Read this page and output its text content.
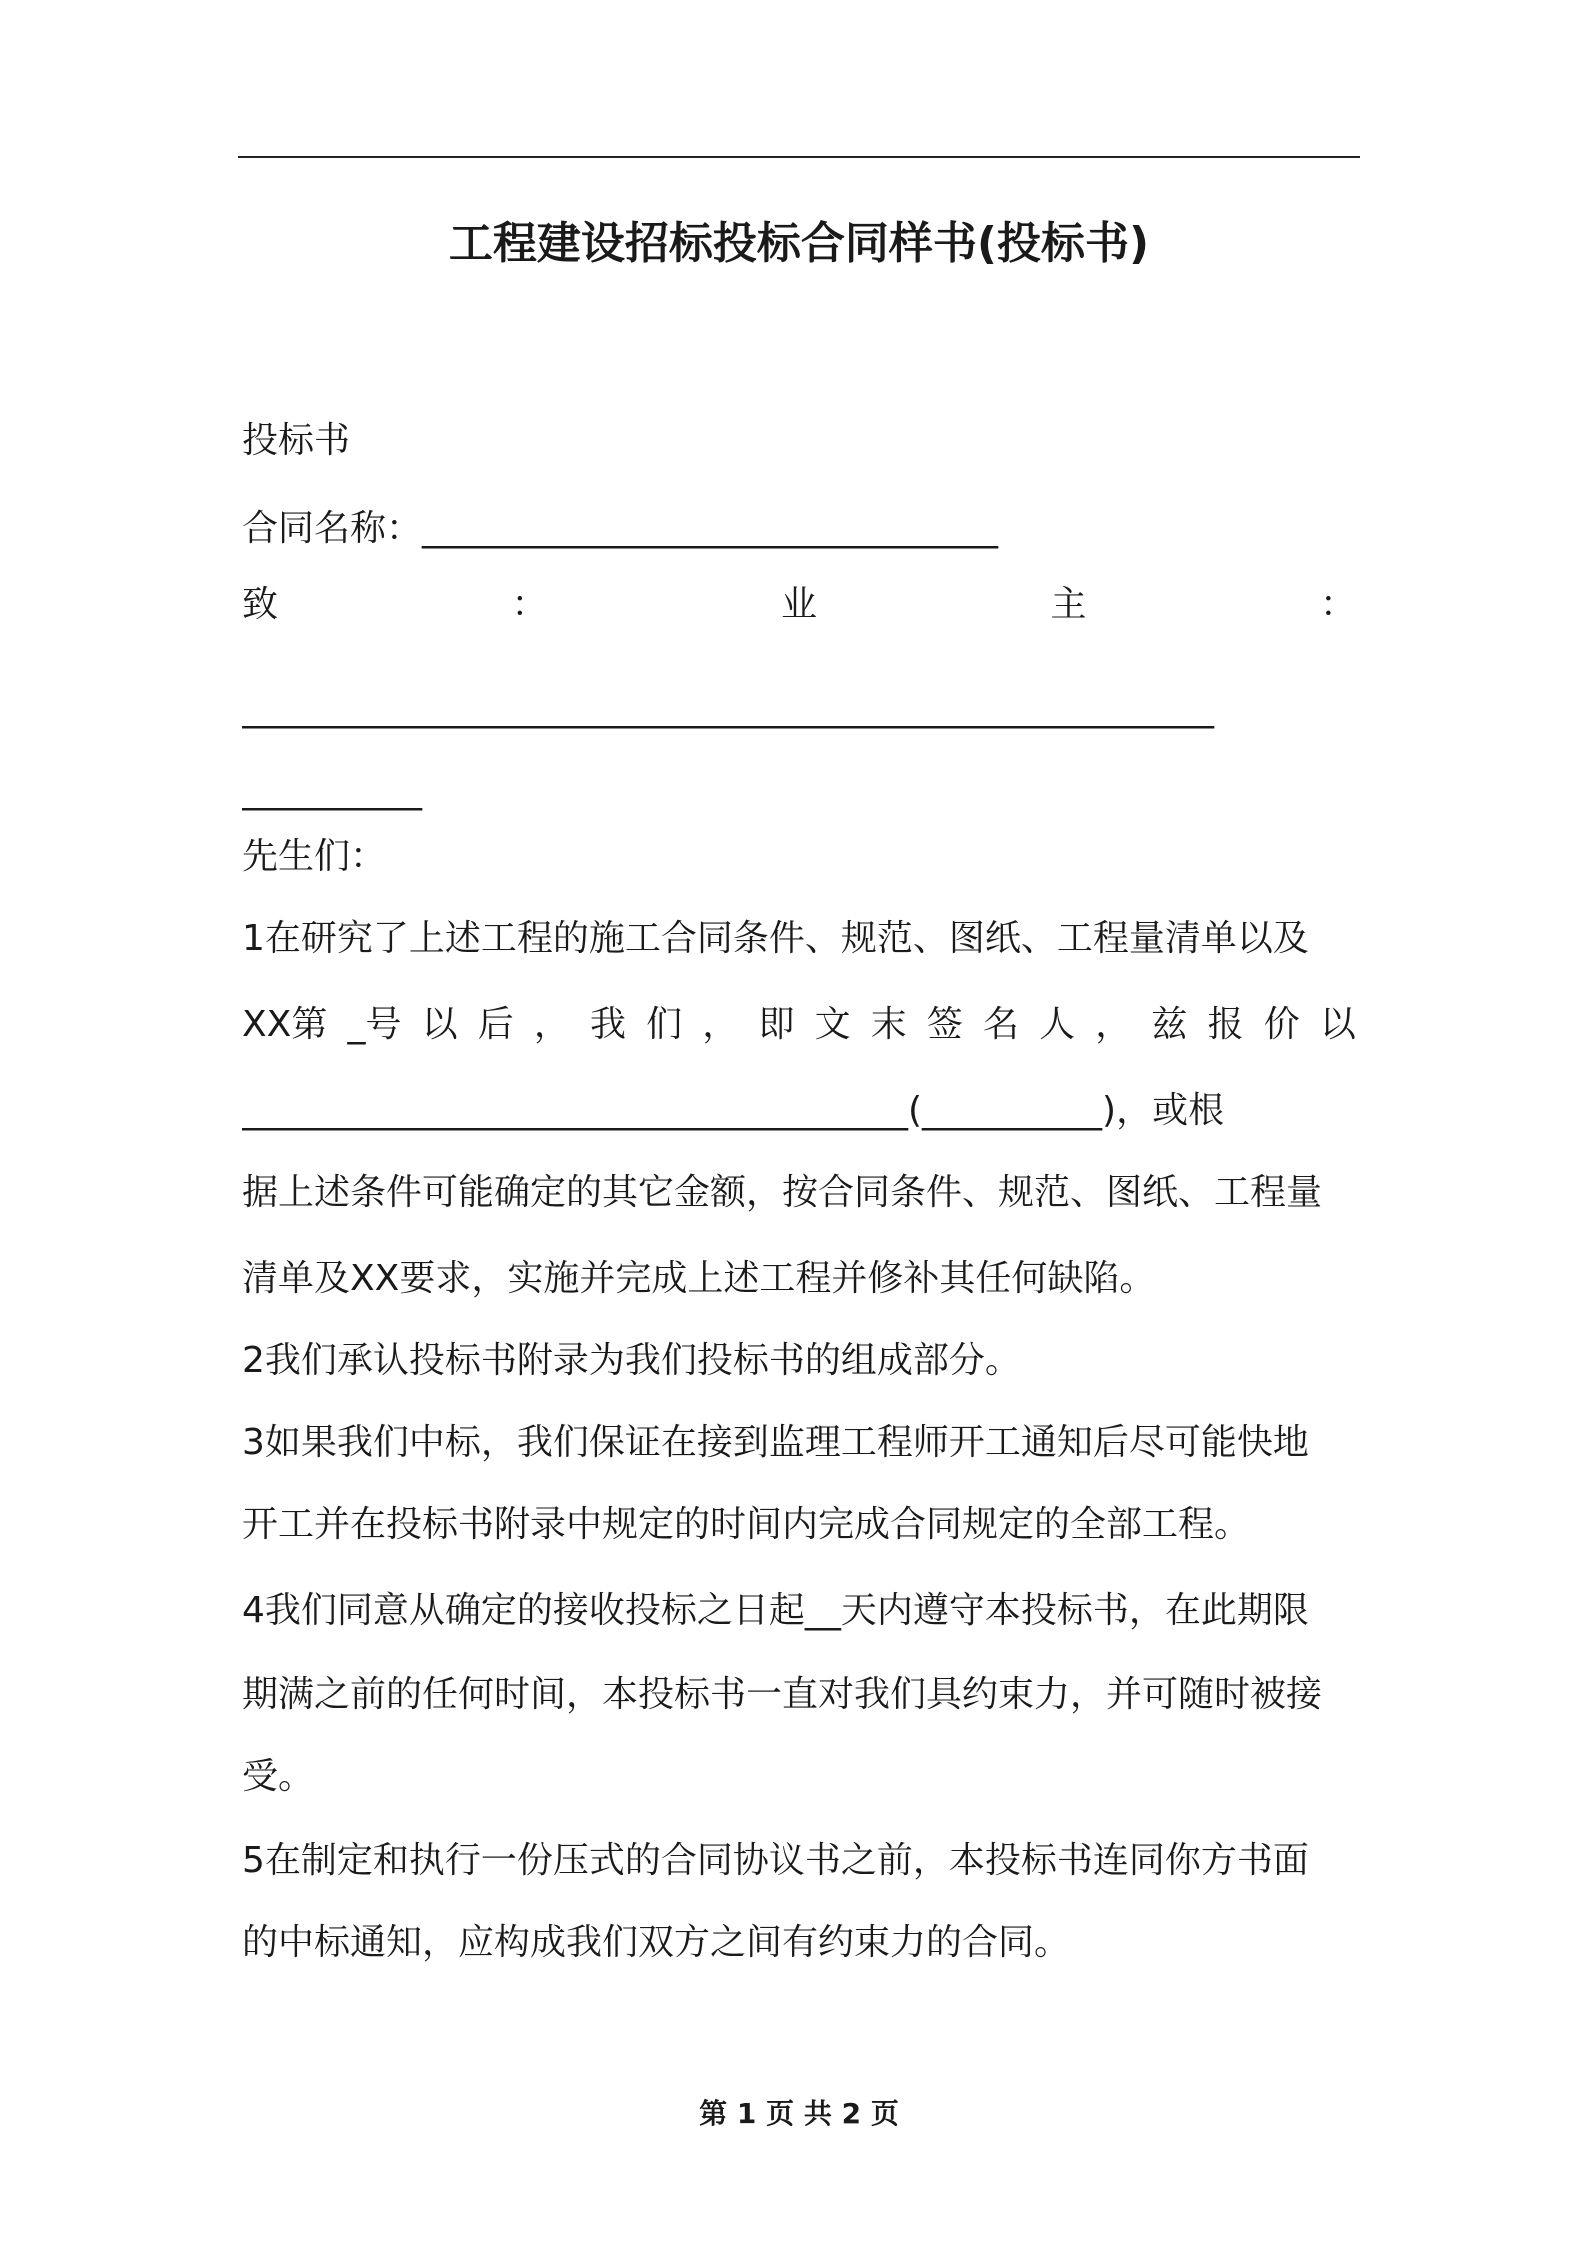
工程建设招标投标合同样书(投标书)
投标书
合同名称：________________________________
致	：	业	主	：
______________________________________________________
__________
先生们：
1在研究了上述工程的施工合同条件、规范、图纸、工程量清单以及
XX第 _号 以 后 ， 我 们 ， 即 文 末 签 名 人 ， 兹 报 价 以
_____________________________________(__________)，或根
据上述条件可能确定的其它金额，按合同条件、规范、图纸、工程量
清单及XX要求，实施并完成上述工程并修补其任何缺陷。
2我们承认投标书附录为我们投标书的组成部分。
3如果我们中标，我们保证在接到监理工程师开工通知后尽可能快地
开工并在投标书附录中规定的时间内完成合同规定的全部工程。
4我们同意从确定的接收投标之日起__天内遵守本投标书，在此期限
期满之前的任何时间，本投标书一直对我们具约束力，并可随时被接
受。
5在制定和执行一份压式的合同协议书之前，本投标书连同你方书面
的中标通知，应构成我们双方之间有约束力的合同。
第 1 页 共 2 页
